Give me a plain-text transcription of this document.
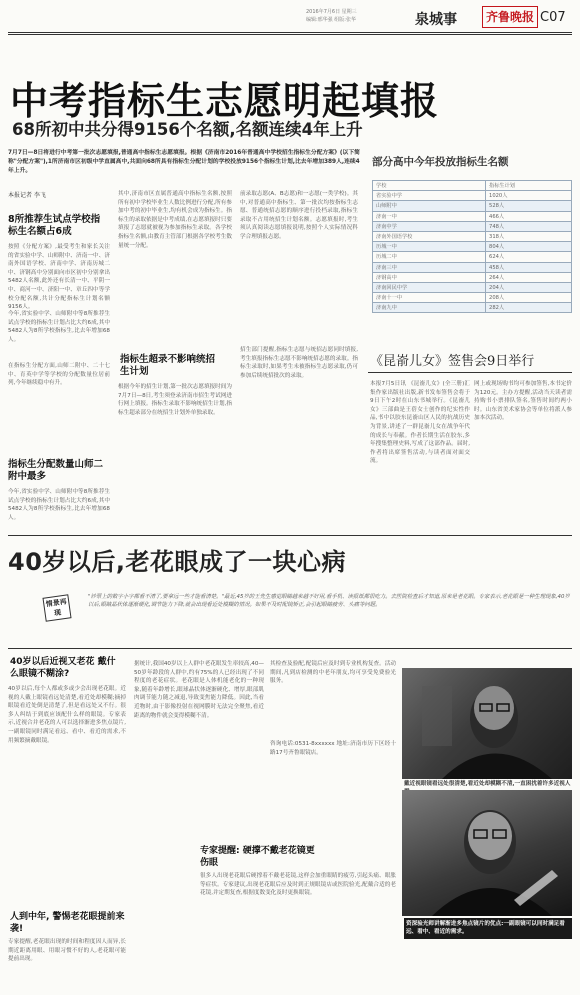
2016年7月6日 星期三
编辑:邢华强 组版:张华	泉城事	齐鲁晚报 C07
中考指标生志愿明起填报
68所初中共分得9156个名额,名额连续4年上升
7月7日—8日将进行中考第一批次志愿填报,普通高中指标生志愿填报。根据《济南市2016年普通高中学校招生指标生分配方案》(以下简称"分配方案"),1所济南市区初级中学直属高中,共面向68所具有指标生分配计划的学校投放9156个指标生计划,比去年增加389人,连续4年上升。
本报记者 李飞
8所推荐生试点学校指标生名额占6成
按照《分配方案》,最受考生和家长关注的省实验中学、山师附中、济南一中、济南外国语学校、济南中学、济南历城二中、济钢高中分别面向市区初中分别拿出5482人名额,此外还有长清一中、平阴一中、商河一中、济阳一中、章丘四中等学校分配名额,共计分配指标生计划名额9156人。
今年,省实验中学、山师附中等8所推荐生试点学校的指标生计划占比大约6成,其中5482人为8所学校指标生,比去年增加68人。
在指标生分配方面,山师二附中、二十七中、育英中学等学校的分配数量位居前列,今年继续稳中有升。
指标生分配数量山师二附中最多
今年,省实验中学、山师附中等8所推荐生试点学校的指标生计划占比大约6成,其中5482人为8所学校指标生,比去年增加68人。
其中,济南市区直属普通高中指标生名额,按照所有初中学校毕业生人数比例进行分配,所有参加中考的初中毕业生,均有机会成为指标生。指标生的录取依据是中考成绩,在志愿填报时只要填报了志愿就被视为参加指标生录取。各学校指标生名额,由教育主管部门根据各学校考生数量统一分配。
指标生超录不影响统招生计划
根据今年的招生计划,第一批次志愿填报时间为7月7日—8日,考生须登录济南市招生考试网进行网上填报。指标生录取不影响统招生计划,指标生超录部分在统招生计划外单独录取。
前录取志愿(A、B志愿)和一志愿(一类学校)。其中,对普通高中指标生、第一批次均按指标生志愿、普通统招志愿的顺序进行投档录取,指标生录取不占用统招生计划名额。志愿填报时,考生须认真阅读志愿填报说明,按照个人实际情况科学合理填报志愿。
招生部门提醒,指标生志愿与统招志愿同时填报,考生填报指标生志愿不影响统招志愿的录取。指标生录取时,如果考生未被指标生志愿录取,仍可参加后续统招批次的录取。
部分高中今年投放指标生名额
学校	指标生计划
省实验中学	1020人
山师附中	528人
济南一中	466人
济南中学	748人
济南外国语学校	318人
历城一中	804人
历城二中	624人
济南三中	458人
济钢高中	264人
济南回民中学	204人
济南十一中	208人
济南九中	282人
《昆嵛儿女》签售会9日举行
本报7月5日讯 《昆嵛儿女》(全三册)汇集作家出版社出版,新书发布签售会将于9日下午2时在山东书城举行。《昆嵛儿女》三部曲是王蓓女士创作的纪实性作品,书中以胶东昆嵛山区人民的抗战历史为背景,讲述了一群昆嵛儿女在战争年代的成长与奉献。作者长期生活在胶东,多年搜集整理史料,写成了这部作品。届时,作者将出席签售活动,与读者面对面交流。
网上或现场购书均可参加签售,本书定价为120元。主办方提醒,活动当天读者需持购书小票排队签名,签售时间约两小时。山东省美术家协会等单位将派人参加本次活动。
40岁以后,老花眼成了一块心病
情景再现
"钞票上的数字小字都看不清了,要拿远一些才能看清楚。"最近,45岁的王先生感觉眼睛越来越不好用,看手机、读报纸都很吃力。去医院检查后才知道,原来是老花眼。专家表示,老花眼是一种生理现象,40岁以后,眼睛晶状体逐渐硬化,调节能力下降,就会出现看近处模糊的情况。如果不及时配镜矫正,会引起眼睛疲劳、头痛等问题。
40岁以后近视又老花 戴什么眼镜不糊涂?
40岁以后,每个人都或多或少会出现老花眼。近视的人戴上眼镜看远处清楚,看近处却模糊;摘掉眼镜看近处倒是清楚了,但是看远处又不行。很多人纠结于到底应该配什么样的眼镜。专家表示,近视合并老花的人可以选择渐进多焦点镜片,一副眼镜同时满足看远、看中、看近的需求,不用频繁摘戴眼镜。
人到中年, 警惕老花眼提前来袭!
专家提醒,老花眼出现的时间和程度因人而异,长期近距离用眼、用眼习惯不好的人,老花眼可能提前出现。
据统计,我国40岁以上人群中老花眼发生率较高,40—50岁年龄段的人群中,约有75%的人已经出现了不同程度的老花症状。老花眼是人体机能老化的一种现象,随着年龄增长,眼球晶状体逐渐硬化、增厚,眼部肌肉调节能力随之减退,导致变焦能力降低。因此,当看近物时,由于影像投射在视网膜时无法完全聚焦,看近距离的物件就会变得模糊不清。
专家提醒: 硬撑不戴老花镜更伤眼
很多人出现老花眼后硬撑着不戴老花镜,这样会加重眼睛的疲劳,引起头痛、眼胀等症状。专家建议,出现老花眼后应及时到正规眼镜店或医院验光,配戴合适的老花镜,并定期复查,根据度数变化及时更换眼镜。
其检查及验配,配镜后应及时到专业机构复查。活动期间,凡到店检测的中老年朋友,均可享受免费验光服务。
咨询电话:0531-8xxxxxx 地址:济南市历下区经十路17号齐鲁眼镜店。
戴近视眼镜看远处很清楚,看近处却模糊不清,一直困扰着许多近视人
资深验光师讲解渐进多焦点镜片的优点:一副眼镜可以同时满足看远、看中、看近的需求。
